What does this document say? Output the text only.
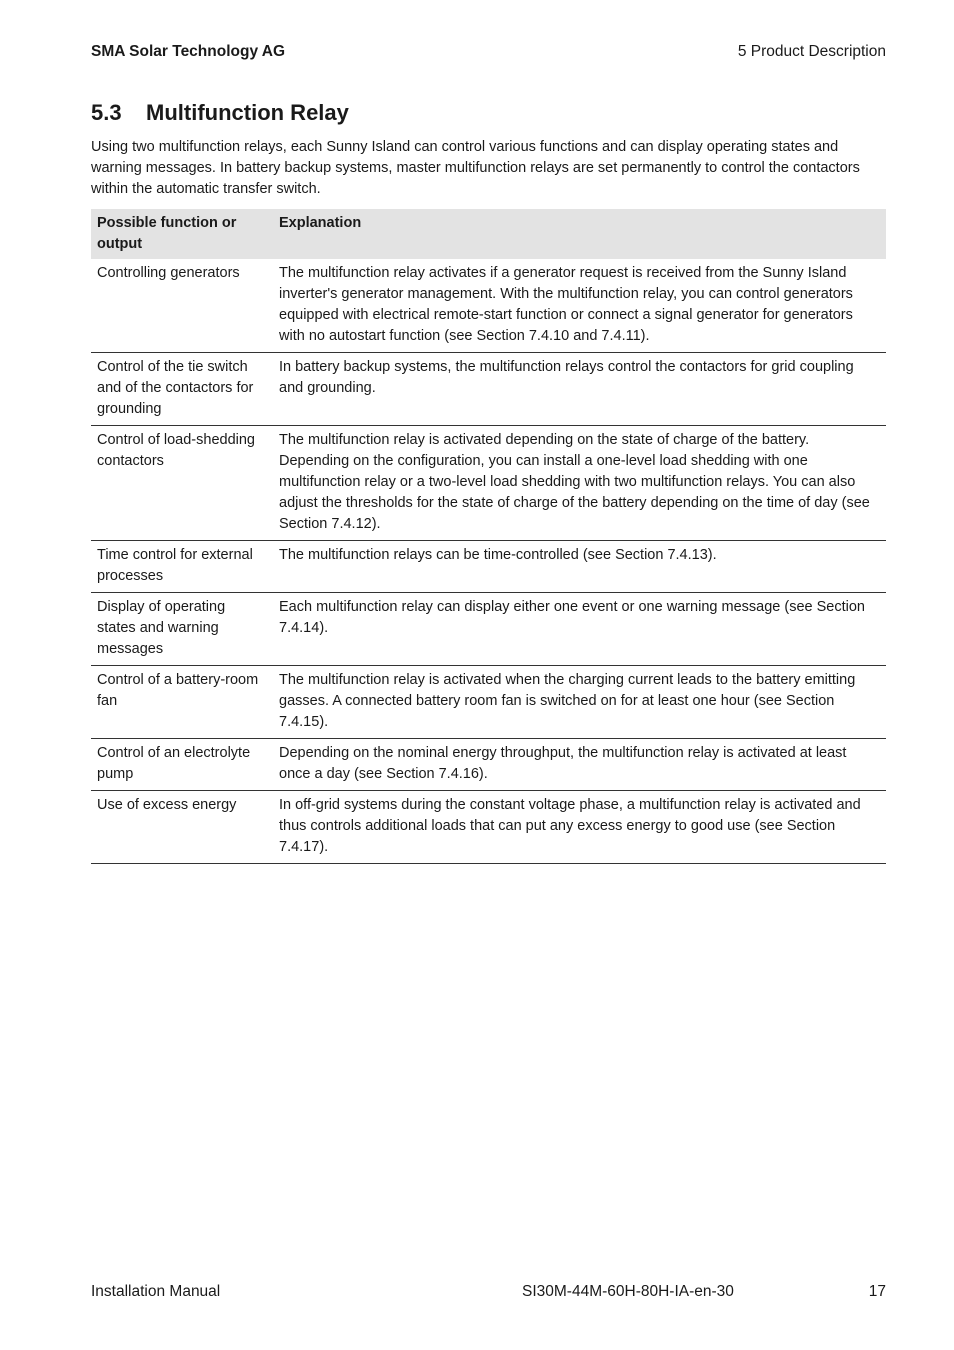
SMA Solar Technology AG	5 Product Description
5.3	Multifunction Relay

Using two multifunction relays, each Sunny Island can control various functions and can display operating states and warning messages. In battery backup systems, master multifunction relays are set permanently to control the contactors within the automatic transfer switch.

Possible function or output	Explanation
Controlling generators	The multifunction relay activates if a generator request is received from the Sunny Island inverter's generator management. With the multifunction relay, you can control generators equipped with electrical remote-start function or connect a signal generator for generators with no autostart function (see Section 7.4.10 and 7.4.11).
Control of the tie switch and of the contactors for grounding	In battery backup systems, the multifunction relays control the contactors for grid coupling and grounding.
Control of load-shedding contactors	The multifunction relay is activated depending on the state of charge of the battery. Depending on the configuration, you can install a one-level load shedding with one multifunction relay or a two-level load shedding with two multifunction relays. You can also adjust the thresholds for the state of charge of the battery depending on the time of day (see Section 7.4.12).
Time control for external processes	The multifunction relays can be time-controlled (see Section 7.4.13).
Display of operating states and warning messages	Each multifunction relay can display either one event or one warning message (see Section 7.4.14).
Control of a battery-room fan	The multifunction relay is activated when the charging current leads to the battery emitting gasses. A connected battery room fan is switched on for at least one hour (see Section 7.4.15).
Control of an electrolyte pump	Depending on the nominal energy throughput, the multifunction relay is activated at least once a day (see Section 7.4.16).
Use of excess energy	In off-grid systems during the constant voltage phase, a multifunction relay is activated and thus controls additional loads that can put any excess energy to good use (see Section 7.4.17).
Installation Manual	SI30M-44M-60H-80H-IA-en-30	17
